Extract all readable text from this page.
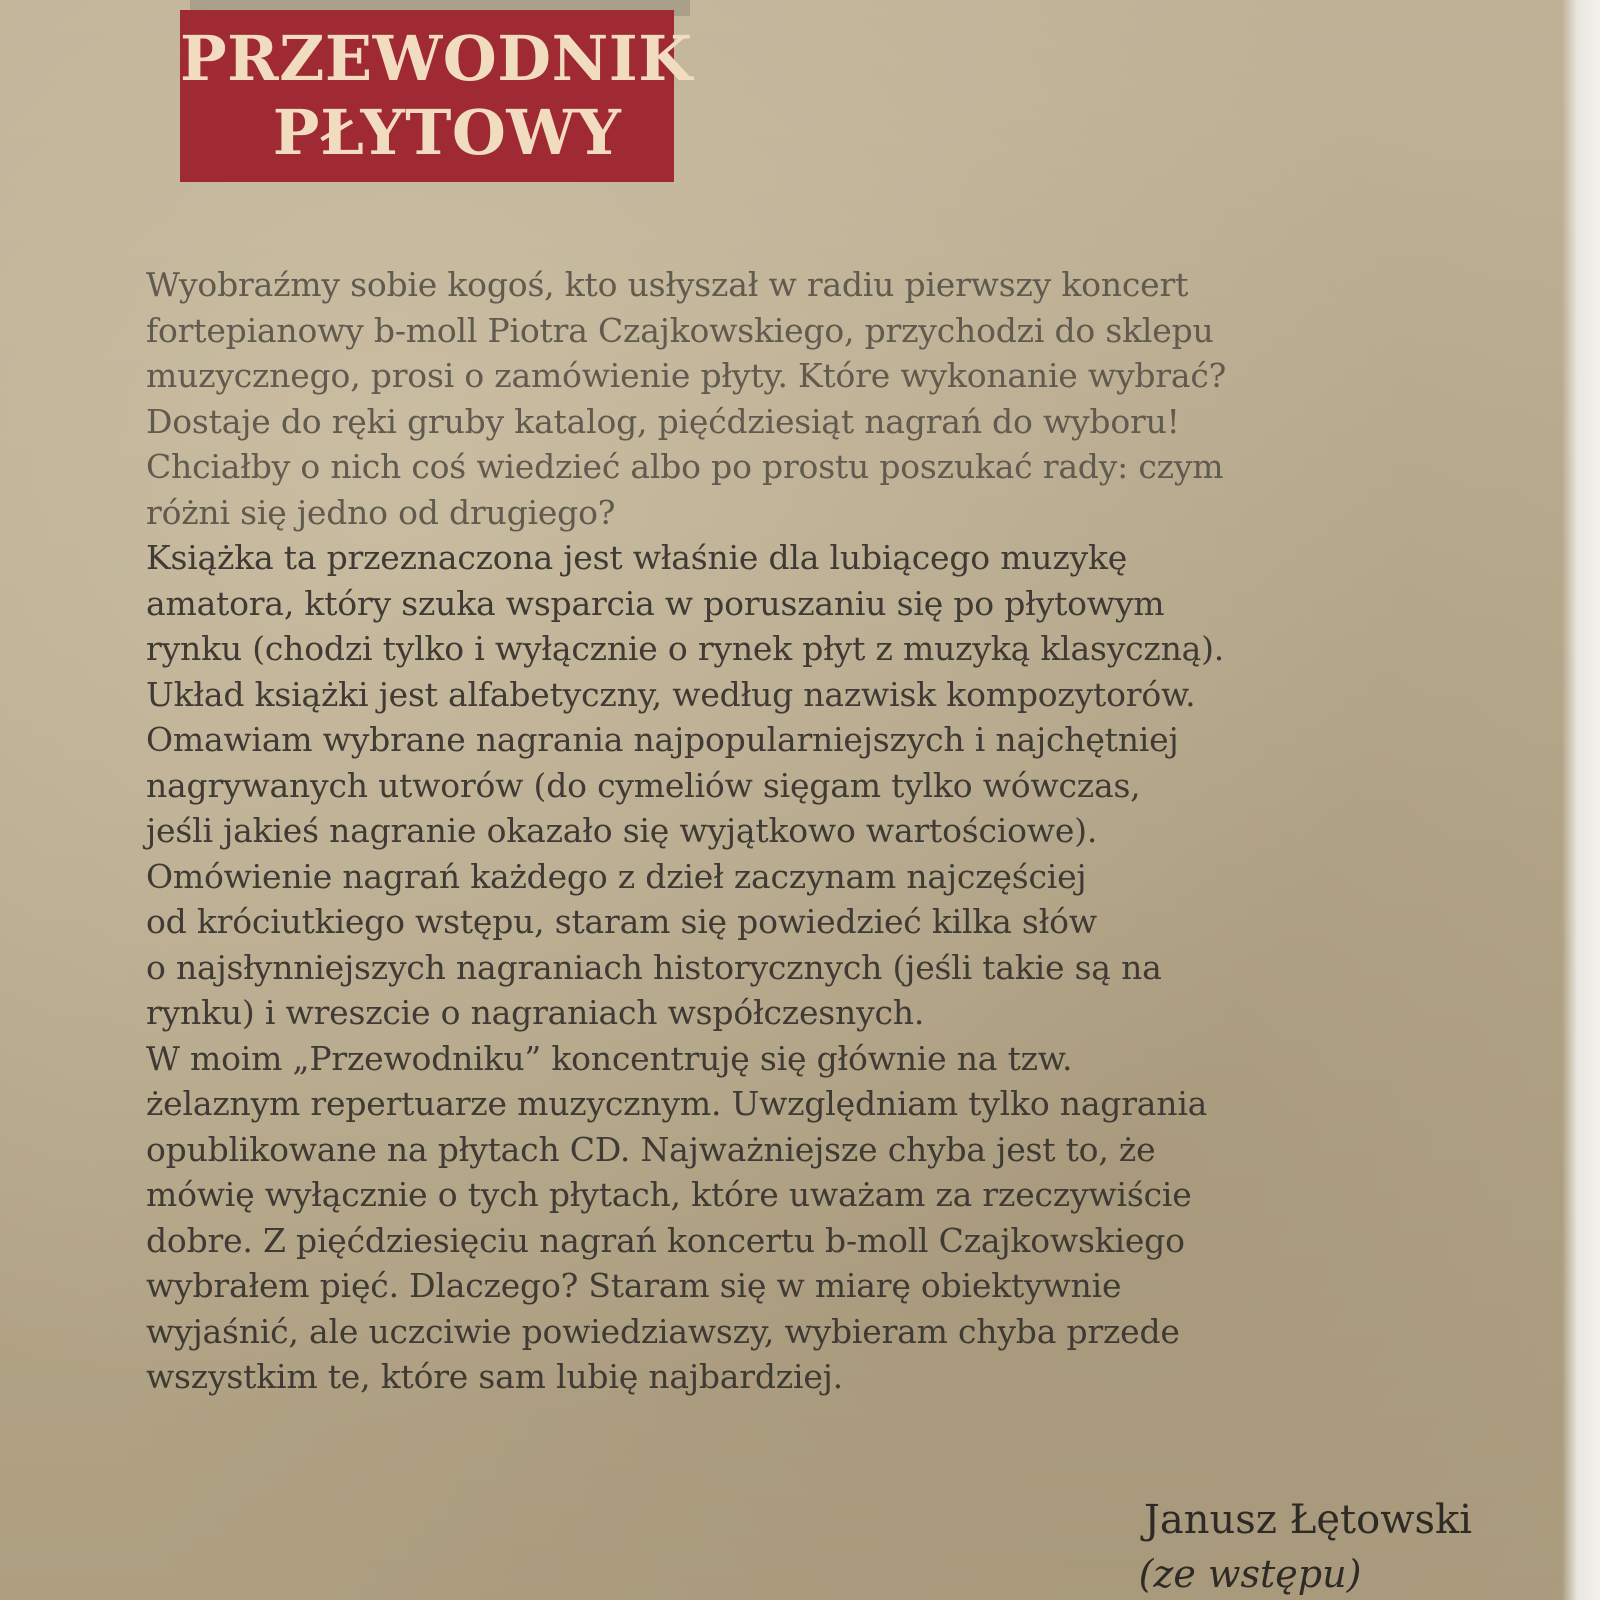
PRZEWODNIK
PŁYTOWY
Wyobraźmy sobie kogoś, kto usłyszał w radiu pierwszy koncert
fortepianowy b-moll Piotra Czajkowskiego, przychodzi do sklepu
muzycznego, prosi o zamówienie płyty. Które wykonanie wybrać?
Dostaje do ręki gruby katalog, pięćdziesiąt nagrań do wyboru!
Chciałby o nich coś wiedzieć albo po prostu poszukać rady: czym
różni się jedno od drugiego?
Książka ta przeznaczona jest właśnie dla lubiącego muzykę
amatora, który szuka wsparcia w poruszaniu się po płytowym
rynku (chodzi tylko i wyłącznie o rynek płyt z muzyką klasyczną).
Układ książki jest alfabetyczny, według nazwisk kompozytorów.
Omawiam wybrane nagrania najpopularniejszych i najchętniej
nagrywanych utworów (do cymeliów sięgam tylko wówczas,
jeśli jakieś nagranie okazało się wyjątkowo wartościowe).
Omówienie nagrań każdego z dzieł zaczynam najczęściej
od króciutkiego wstępu, staram się powiedzieć kilka słów
o najsłynniejszych nagraniach historycznych (jeśli takie są na
rynku) i wreszcie o nagraniach współczesnych.
W moim „Przewodniku” koncentruję się głównie na tzw.
żelaznym repertuarze muzycznym. Uwzględniam tylko nagrania
opublikowane na płytach CD. Najważniejsze chyba jest to, że
mówię wyłącznie o tych płytach, które uważam za rzeczywiście
dobre. Z pięćdziesięciu nagrań koncertu b-moll Czajkowskiego
wybrałem pięć. Dlaczego? Staram się w miarę obiektywnie
wyjaśnić, ale uczciwie powiedziawszy, wybieram chyba przede
wszystkim te, które sam lubię najbardziej.
Janusz Łętowski
(ze wstępu)
